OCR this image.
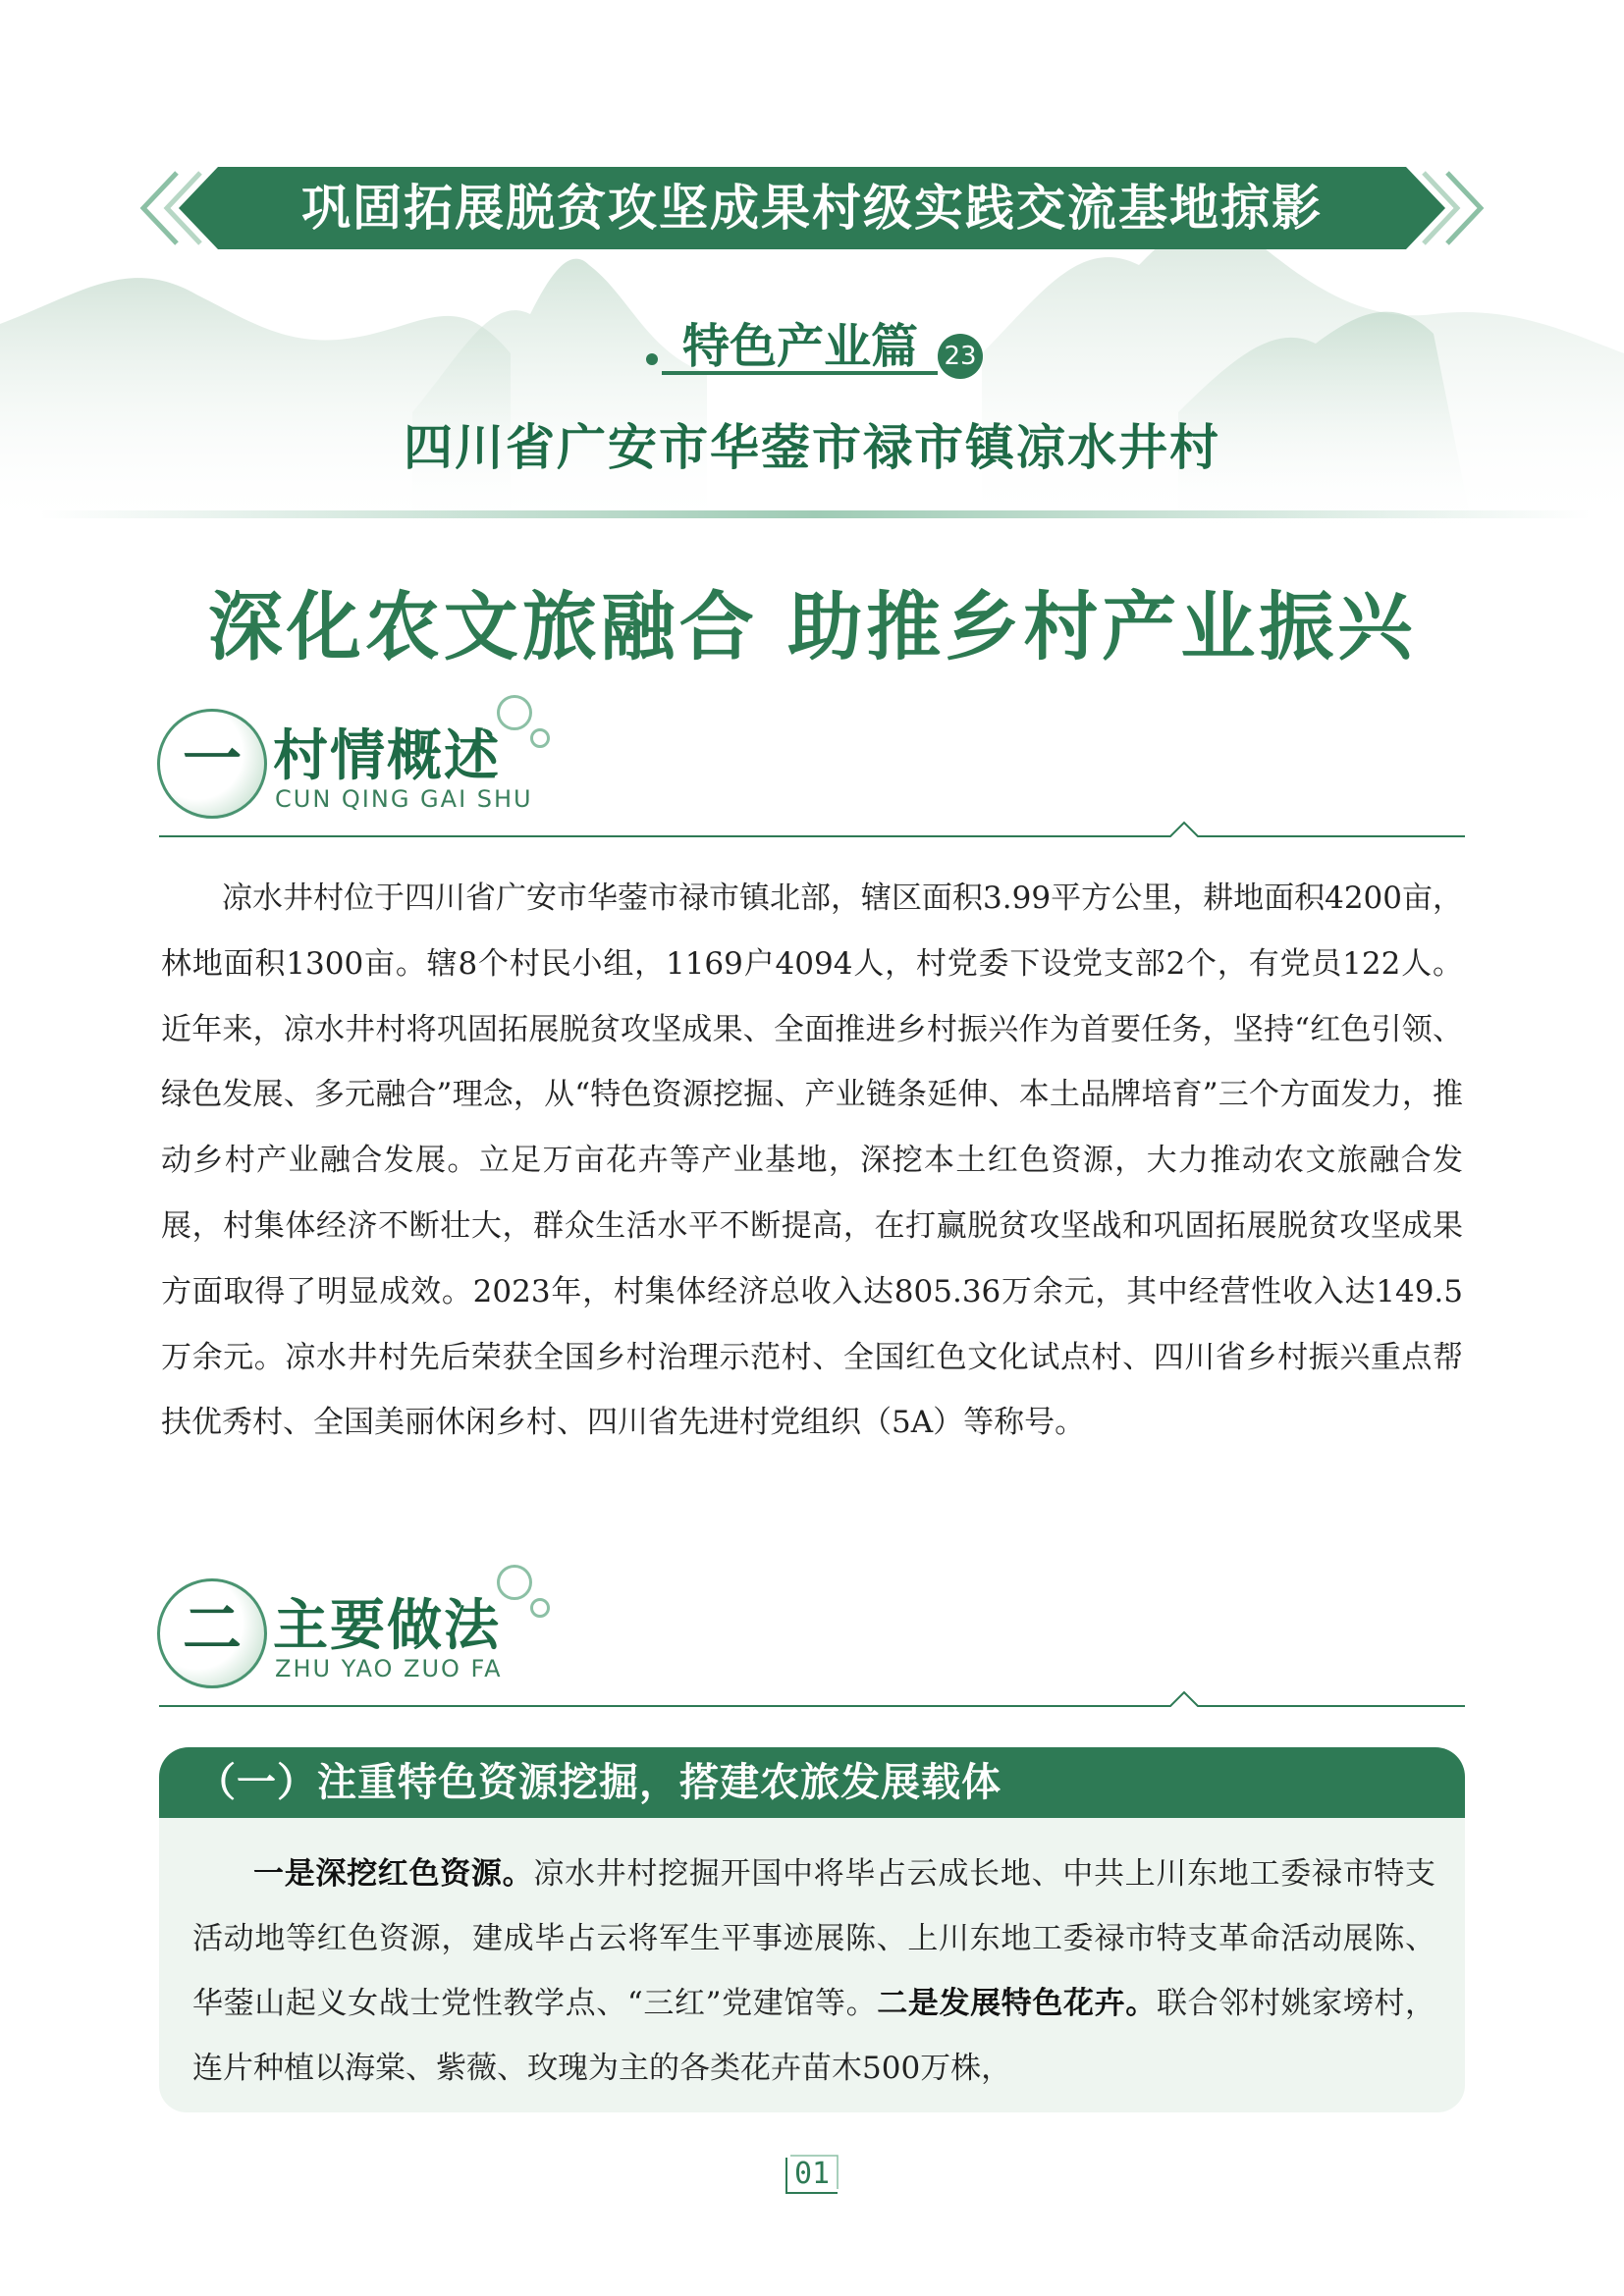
巩固拓展脱贫攻坚成果村级实践交流基地掠影
特色产业篇 23
四川省广安市华蓥市禄市镇凉水井村
深化农文旅融合 助推乡村产业振兴
一 村情概述
CUN QING GAI SHU
凉水井村位于四川省广安市华蓥市禄市镇北部，辖区面积3.99平方公里，耕地面积4200亩，林地面积1300亩。辖8个村民小组，1169户4094人，村党委下设党支部2个，有党员122人。近年来，凉水井村将巩固拓展脱贫攻坚成果、全面推进乡村振兴作为首要任务，坚持“红色引领、绿色发展、多元融合”理念，从“特色资源挖掘、产业链条延伸、本土品牌培育”三个方面发力，推动乡村产业融合发展。立足万亩花卉等产业基地，深挖本土红色资源，大力推动农文旅融合发展，村集体经济不断壮大，群众生活水平不断提高，在打赢脱贫攻坚战和巩固拓展脱贫攻坚成果方面取得了明显成效。2023年，村集体经济总收入达805.36万余元，其中经营性收入达149.5万余元。凉水井村先后荣获全国乡村治理示范村、全国红色文化试点村、四川省乡村振兴重点帮扶优秀村、全国美丽休闲乡村、四川省先进村党组织（5A）等称号。
二 主要做法
ZHU YAO ZUO FA
（一）注重特色资源挖掘，搭建农旅发展载体
一是深挖红色资源。凉水井村挖掘开国中将毕占云成长地、中共上川东地工委禄市特支活动地等红色资源，建成毕占云将军生平事迹展陈、上川东地工委禄市特支革命活动展陈、华蓥山起义女战士党性教学点、“三红”党建馆等。二是发展特色花卉。联合邻村姚家塝村，连片种植以海棠、紫薇、玫瑰为主的各类花卉苗木500万株，
01
